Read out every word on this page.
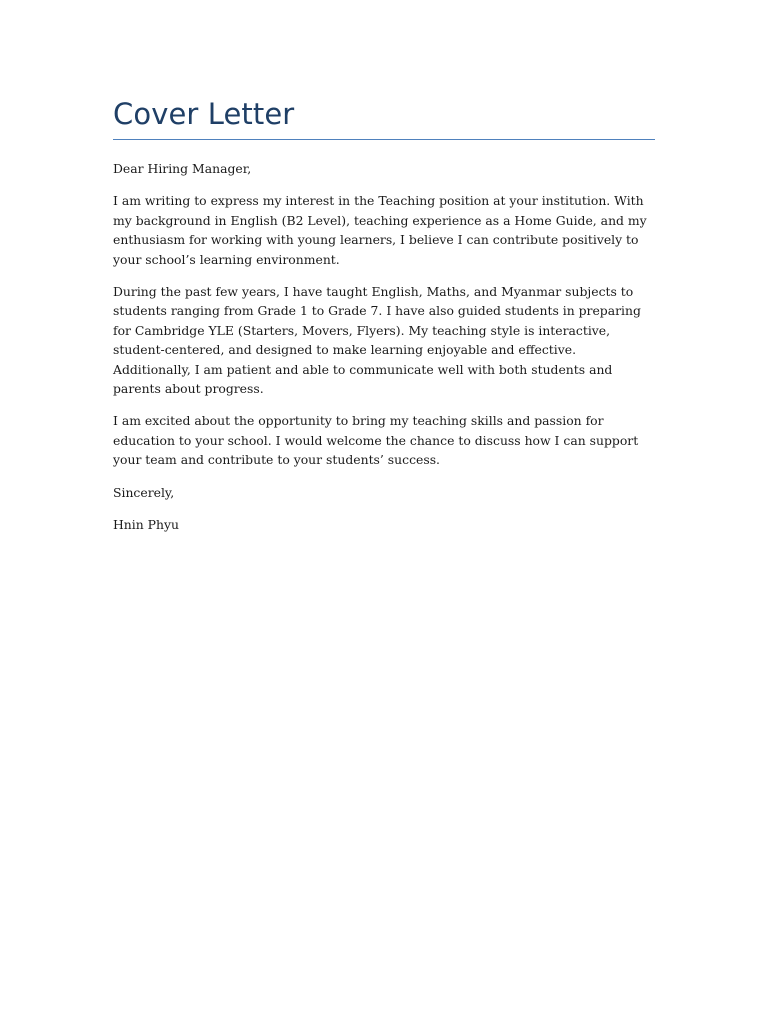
Cover Letter

Dear Hiring Manager,

I am writing to express my interest in the Teaching position at your institution. With my background in English (B2 Level), teaching experience as a Home Guide, and my enthusiasm for working with young learners, I believe I can contribute positively to your school’s learning environment.

During the past few years, I have taught English, Maths, and Myanmar subjects to students ranging from Grade 1 to Grade 7. I have also guided students in preparing for Cambridge YLE (Starters, Movers, Flyers). My teaching style is interactive, student-centered, and designed to make learning enjoyable and effective. Additionally, I am patient and able to communicate well with both students and parents about progress.

I am excited about the opportunity to bring my teaching skills and passion for education to your school. I would welcome the chance to discuss how I can support your team and contribute to your students’ success.

Sincerely,

Hnin Phyu
